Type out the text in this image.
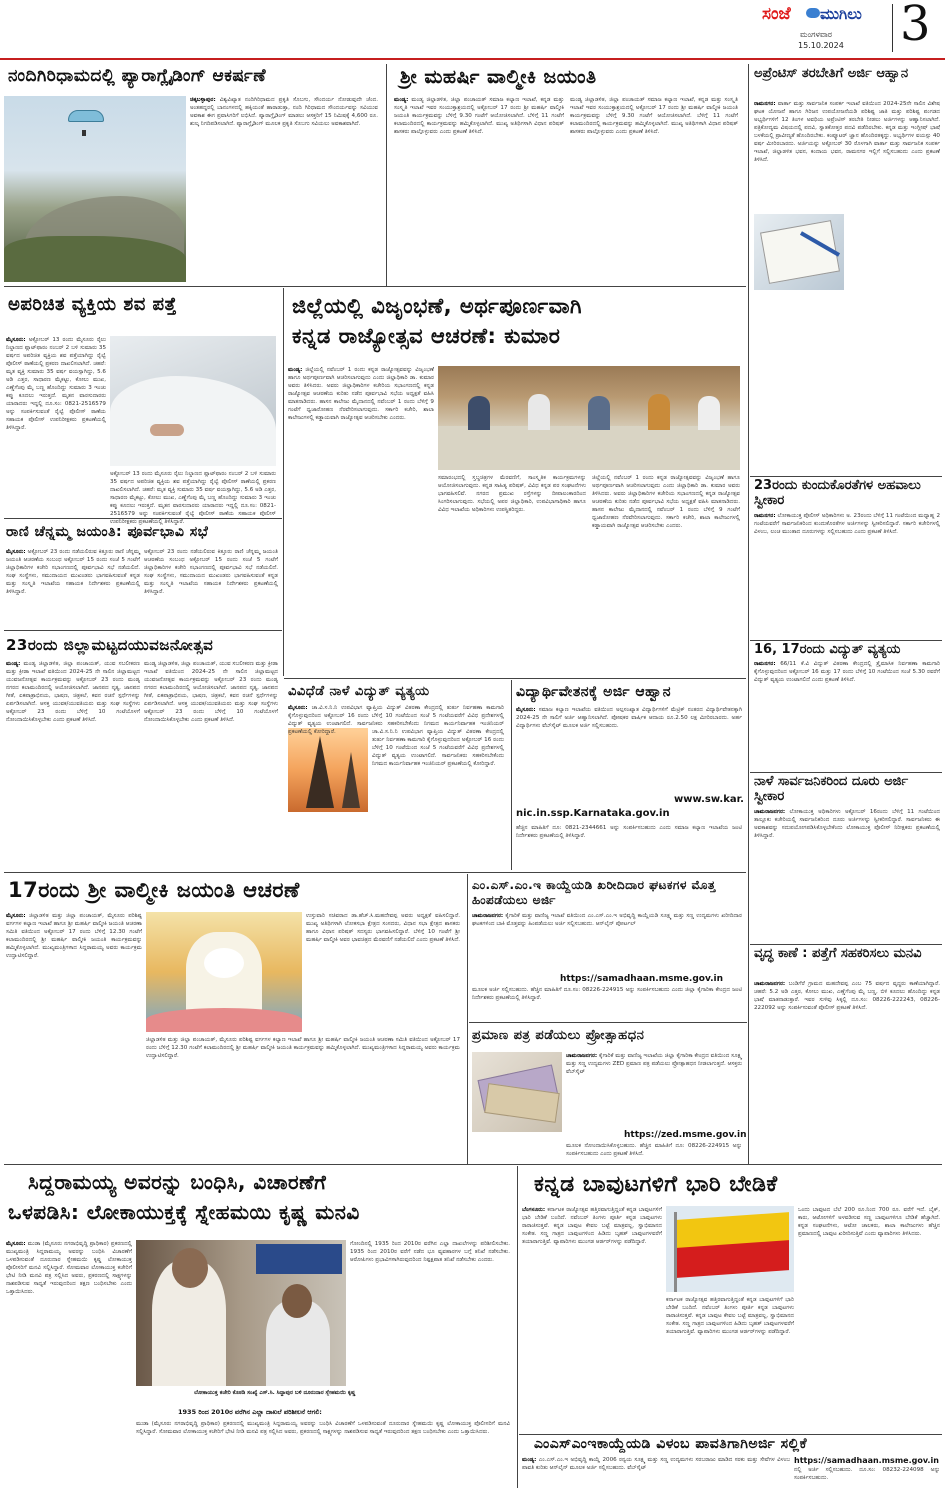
ಸಂಜೆ ಮುಗಿಲು
ಮಂಗಳವಾರ
15.10.2024 3
ನಂದಿಗಿರಿಧಾಮದಲ್ಲಿ ಪ್ಯಾರಾಗ್ಲೈಡಿಂಗ್ ಆಕರ್ಷಣೆ
ಚಿಕ್ಕಬಳ್ಳಾಪುರ: ವಿಶ್ವವಿಖ್ಯಾತ ನಂದಿಗಿರಿಧಾಮದ ಪ್ರಕೃತಿ ಸೊಬಗು, ಸೌಂದರ್ಯ ನೋಡುವುದೇ ಚೆಂದ. ಅಂತಹದ್ದರಲ್ಲಿ ಬಾನಂಗಳದಲ್ಲಿ ಹಕ್ಕಿಯಂತೆ ಹಾರಾಡುತ್ತಾ, ನಂದಿ ಗಿರಿಧಾಮದ ಸೌಂದರ್ಯವನ್ನು ಸವಿಯುವ ಅವಕಾಶ ಈಗ ಪ್ರವಾಸಿಗರಿಗೆ ಲಭಿಸಿದೆ. ಪ್ಯಾರಾಗ್ಲೈಡಿಂಗ್ ಮಾಡಲು ಆಸಕ್ತರಿಗೆ 15 ನಿಮಿಷಕ್ಕೆ 4,600 ರೂ. ಶುಲ್ಕ ನಿಗದಿಪಡಿಸಲಾಗಿದೆ. ಪ್ಯಾರಾಗ್ಲೈಡಿಂಗ್ ಮೂಲಕ ಪ್ರಕೃತಿ ಸೊಬಗು ಸವಿಯಲು ಅವಕಾಶವಾಗಿದೆ.
ಶ್ರೀ ಮಹರ್ಷಿ ವಾಲ್ಮೀಕಿ ಜಯಂತಿ
ಮಂಡ್ಯ: ಮಂಡ್ಯ ಜಿಲ್ಲಾಡಳಿತ, ಜಿಲ್ಲಾ ಪಂಚಾಯತ್ ಸಮಾಜ ಕಲ್ಯಾಣ ಇಲಾಖೆ, ಕನ್ನಡ ಮತ್ತು ಸಂಸ್ಕೃತಿ ಇಲಾಖೆ ಇವರ ಸಂಯುಕ್ತಾಶ್ರಯದಲ್ಲಿ ಅಕ್ಟೋಬರ್ 17 ರಂದು ಶ್ರೀ ಮಹರ್ಷಿ ವಾಲ್ಮೀಕಿ ಜಯಂತಿ ಕಾರ್ಯಕ್ರಮವನ್ನು ಬೆಳಿಗ್ಗೆ 9.30 ಗಂಟೆಗೆ ಆಯೋಜಿಸಲಾಗಿದೆ. ಬೆಳಿಗ್ಗೆ 11 ಗಂಟೆಗೆ ಕಲಾಮಂದಿರದಲ್ಲಿ ಕಾರ್ಯಕ್ರಮವನ್ನು ಹಮ್ಮಿಕೊಳ್ಳಲಾಗಿದೆ. ಮುಖ್ಯ ಅತಿಥಿಗಳಾಗಿ ವಿಧಾನ ಪರಿಷತ್ ಶಾಸಕರು ಪಾಲ್ಗೊಳ್ಳುವರು ಎಂದು ಪ್ರಕಟಣೆ ತಿಳಿಸಿದೆ.
ಮಂಡ್ಯ ಜಿಲ್ಲಾಡಳಿತ, ಜಿಲ್ಲಾ ಪಂಚಾಯತ್ ಸಮಾಜ ಕಲ್ಯಾಣ ಇಲಾಖೆ, ಕನ್ನಡ ಮತ್ತು ಸಂಸ್ಕೃತಿ ಇಲಾಖೆ ಇವರ ಸಂಯುಕ್ತಾಶ್ರಯದಲ್ಲಿ ಅಕ್ಟೋಬರ್ 17 ರಂದು ಶ್ರೀ ಮಹರ್ಷಿ ವಾಲ್ಮೀಕಿ ಜಯಂತಿ ಕಾರ್ಯಕ್ರಮವನ್ನು ಬೆಳಿಗ್ಗೆ 9.30 ಗಂಟೆಗೆ ಆಯೋಜಿಸಲಾಗಿದೆ. ಬೆಳಿಗ್ಗೆ 11 ಗಂಟೆಗೆ ಕಲಾಮಂದಿರದಲ್ಲಿ ಕಾರ್ಯಕ್ರಮವನ್ನು ಹಮ್ಮಿಕೊಳ್ಳಲಾಗಿದೆ. ಮುಖ್ಯ ಅತಿಥಿಗಳಾಗಿ ವಿಧಾನ ಪರಿಷತ್ ಶಾಸಕರು ಪಾಲ್ಗೊಳ್ಳುವರು ಎಂದು ಪ್ರಕಟಣೆ ತಿಳಿಸಿದೆ.
ಅಪ್ರೆಂಟಿಸ್ ತರಬೇತಿಗೆ ಅರ್ಜಿ ಆಹ್ವಾನ
ರಾಮನಗರ: ವಾರ್ತಾ ಮತ್ತು ಸಾರ್ವಜನಿಕ ಸಂಪರ್ಕ ಇಲಾಖೆ ವತಿಯಿಂದ 2024-25ನೇ ಸಾಲಿನ ವಿಶೇಷ ಘಟಕ ಯೋಜನೆ ಹಾಗೂ ಗಿರಿಜನ ಉಪಯೋಜನೆಯಡಿ ಪರಿಶಿಷ್ಟ ಜಾತಿ ಮತ್ತು ಪರಿಶಿಷ್ಟ ಪಂಗಡದ ಅಭ್ಯರ್ಥಿಗಳಿಗೆ 12 ತಿಂಗಳ ಅವಧಿಯ ಅಪ್ರೆಂಟಿಸ್ ತರಬೇತಿ ನೀಡಲು ಅರ್ಜಿಗಳನ್ನು ಆಹ್ವಾನಿಸಲಾಗಿದೆ. ಪತ್ರಿಕೋದ್ಯಮ ವಿಷಯದಲ್ಲಿ ಪದವಿ, ಸ್ನಾತಕೋತ್ತರ ಪದವಿ ಪಡೆದಿರಬೇಕು. ಕನ್ನಡ ಮತ್ತು ಇಂಗ್ಲೀಷ್ ಭಾಷೆ ಬಳಕೆಯಲ್ಲಿ ಪ್ರಾವೀಣ್ಯತೆ ಹೊಂದಿರಬೇಕು. ಕಂಪ್ಯೂಟರ್ ಜ್ಞಾನ ಹೊಂದಿರತಕ್ಕದ್ದು. ಅಭ್ಯರ್ಥಿಗಳ ವಯಸ್ಸು 40 ವರ್ಷ ಮೀರಿರಬಾರದು. ಅರ್ಜಿಯನ್ನು ಅಕ್ಟೋಬರ್ 30 ರೊಳಗಾಗಿ ವಾರ್ತಾ ಮತ್ತು ಸಾರ್ವಜನಿಕ ಸಂಪರ್ಕ ಇಲಾಖೆ, ಜಿಲ್ಲಾಡಳಿತ ಭವನ, ಕಂದಾಯ ಭವನ, ರಾಮನಗರ ಇಲ್ಲಿಗೆ ಸಲ್ಲಿಸಬಹುದು ಎಂದು ಪ್ರಕಟಣೆ ತಿಳಿಸಿದೆ.
ಅಪರಿಚಿತ ವ್ಯಕ್ತಿಯ ಶವ ಪತ್ತೆ
ಮೈಸೂರು: ಅಕ್ಟೋಬರ್ 13 ರಂದು ಮೈಸೂರು ರೈಲು ನಿಲ್ದಾಣದ ಪ್ಲಾಟ್‌ಫಾರಂ ನಂಬರ್ 2 ಬಳಿ ಸುಮಾರು 35 ವರ್ಷದ ಅಪರಿಚಿತ ವ್ಯಕ್ತಿಯ ಶವ ಪತ್ತೆಯಾಗಿದ್ದು ರೈಲ್ವೆ ಪೊಲೀಸ್ ಠಾಣೆಯಲ್ಲಿ ಪ್ರಕರಣ ದಾಖಲಿಸಲಾಗಿದೆ. ಚಹರೆ: ಮೃತ ವ್ಯಕ್ತಿ ಸುಮಾರು 35 ವರ್ಷ ವಯಸ್ಸಾಗಿದ್ದು, 5.6 ಅಡಿ ಎತ್ತರ, ಸಾಧಾರಣ ಮೈಕಟ್ಟು, ಕೋಲು ಮುಖ, ಎಣ್ಣೆಗೆಂಪು ಮೈ ಬಣ್ಣ ಹೊಂದಿದ್ದು ಸುಮಾರು 3 ಇಂಚು ಕಪ್ಪು ಕೂದಲು ಇರುತ್ತದೆ. ಮೃತನ ವಾರಸುದಾರರು ಯಾರಾದರು ಇದ್ದಲ್ಲಿ ದೂ.ಸಂ: 0821-2516579 ಅನ್ನು ಸಂಪರ್ಕಿಸುವಂತೆ ರೈಲ್ವೆ ಪೊಲೀಸ್ ಠಾಣೆಯ ಸಹಾಯಕ ಪೊಲೀಸ್ ಉಪನಿರೀಕ್ಷಕರು ಪ್ರಕಟಣೆಯಲ್ಲಿ ತಿಳಿಸಿದ್ದಾರೆ.
ಅಕ್ಟೋಬರ್ 13 ರಂದು ಮೈಸೂರು ರೈಲು ನಿಲ್ದಾಣದ ಪ್ಲಾಟ್‌ಫಾರಂ ನಂಬರ್ 2 ಬಳಿ ಸುಮಾರು 35 ವರ್ಷದ ಅಪರಿಚಿತ ವ್ಯಕ್ತಿಯ ಶವ ಪತ್ತೆಯಾಗಿದ್ದು ರೈಲ್ವೆ ಪೊಲೀಸ್ ಠಾಣೆಯಲ್ಲಿ ಪ್ರಕರಣ ದಾಖಲಿಸಲಾಗಿದೆ. ಚಹರೆ: ಮೃತ ವ್ಯಕ್ತಿ ಸುಮಾರು 35 ವರ್ಷ ವಯಸ್ಸಾಗಿದ್ದು, 5.6 ಅಡಿ ಎತ್ತರ, ಸಾಧಾರಣ ಮೈಕಟ್ಟು, ಕೋಲು ಮುಖ, ಎಣ್ಣೆಗೆಂಪು ಮೈ ಬಣ್ಣ ಹೊಂದಿದ್ದು ಸುಮಾರು 3 ಇಂಚು ಕಪ್ಪು ಕೂದಲು ಇರುತ್ತದೆ. ಮೃತನ ವಾರಸುದಾರರು ಯಾರಾದರು ಇದ್ದಲ್ಲಿ ದೂ.ಸಂ: 0821-2516579 ಅನ್ನು ಸಂಪರ್ಕಿಸುವಂತೆ ರೈಲ್ವೆ ಪೊಲೀಸ್ ಠಾಣೆಯ ಸಹಾಯಕ ಪೊಲೀಸ್ ಉಪನಿರೀಕ್ಷಕರು ಪ್ರಕಟಣೆಯಲ್ಲಿ ತಿಳಿಸಿದ್ದಾರೆ.
ಜಿಲ್ಲೆಯಲ್ಲಿ ವಿಜೃಂಭಣೆ, ಅರ್ಥಪೂರ್ಣವಾಗಿ
ಕನ್ನಡ ರಾಜ್ಯೋತ್ಸವ ಆಚರಣೆ: ಕುಮಾರ
ಮಂಡ್ಯ: ಜಿಲ್ಲೆಯಲ್ಲಿ ನವೆಂಬರ್ 1 ರಂದು ಕನ್ನಡ ರಾಜ್ಯೋತ್ಸವವನ್ನು ವಿಜೃಂಭಣೆ ಹಾಗೂ ಅರ್ಥಪೂರ್ಣವಾಗಿ ಆಚರಿಸಲಾಗುವುದು ಎಂದು ಜಿಲ್ಲಾಧಿಕಾರಿ ಡಾ. ಕುಮಾರ ಅವರು ತಿಳಿಸಿದರು. ಅವರು ಜಿಲ್ಲಾಧಿಕಾರಿಗಳ ಕಚೇರಿಯ ಸಭಾಂಗಣದಲ್ಲಿ ಕನ್ನಡ ರಾಜ್ಯೋತ್ಸವ ಆಚರಣೆಯ ಕುರಿತು ನಡೆದ ಪೂರ್ವಭಾವಿ ಸಭೆಯ ಅಧ್ಯಕ್ಷತೆ ವಹಿಸಿ ಮಾತನಾಡಿದರು. ಹಾಸನ ಕಾಲೇಜು ಮೈದಾನದಲ್ಲಿ ನವೆಂಬರ್ 1 ರಂದು ಬೆಳಿಗ್ಗೆ 9 ಗಂಟೆಗೆ ಧ್ವಜಾರೋಹಣ ನೆರವೇರಿಸಲಾಗುವುದು. ಸರ್ಕಾರಿ ಕಚೇರಿ, ಶಾಲಾ ಕಾಲೇಜುಗಳಲ್ಲಿ ಕಡ್ಡಾಯವಾಗಿ ರಾಜ್ಯೋತ್ಸವ ಆಚರಿಸಬೇಕು ಎಂದರು.
ಸಮಾರಂಭದಲ್ಲಿ ಸ್ತಬ್ಧಚಿತ್ರಗಳ ಮೆರವಣಿಗೆ, ಸಾಂಸ್ಕೃತಿಕ ಕಾರ್ಯಕ್ರಮಗಳನ್ನು ಆಯೋಜಿಸಲಾಗುವುದು. ಕನ್ನಡ ಸಾಹಿತ್ಯ ಪರಿಷತ್, ವಿವಿಧ ಕನ್ನಡ ಪರ ಸಂಘಟನೆಗಳು ಭಾಗವಹಿಸಲಿವೆ. ನಗರದ ಪ್ರಮುಖ ರಸ್ತೆಗಳನ್ನು ದೀಪಾಲಂಕಾರದಿಂದ ಸಿಂಗರಿಸಲಾಗುವುದು. ಸಭೆಯಲ್ಲಿ ಅಪರ ಜಿಲ್ಲಾಧಿಕಾರಿ, ಉಪವಿಭಾಗಾಧಿಕಾರಿ ಹಾಗೂ ವಿವಿಧ ಇಲಾಖೆಯ ಅಧಿಕಾರಿಗಳು ಉಪಸ್ಥಿತರಿದ್ದರು.
ಜಿಲ್ಲೆಯಲ್ಲಿ ನವೆಂಬರ್ 1 ರಂದು ಕನ್ನಡ ರಾಜ್ಯೋತ್ಸವವನ್ನು ವಿಜೃಂಭಣೆ ಹಾಗೂ ಅರ್ಥಪೂರ್ಣವಾಗಿ ಆಚರಿಸಲಾಗುವುದು ಎಂದು ಜಿಲ್ಲಾಧಿಕಾರಿ ಡಾ. ಕುಮಾರ ಅವರು ತಿಳಿಸಿದರು. ಅವರು ಜಿಲ್ಲಾಧಿಕಾರಿಗಳ ಕಚೇರಿಯ ಸಭಾಂಗಣದಲ್ಲಿ ಕನ್ನಡ ರಾಜ್ಯೋತ್ಸವ ಆಚರಣೆಯ ಕುರಿತು ನಡೆದ ಪೂರ್ವಭಾವಿ ಸಭೆಯ ಅಧ್ಯಕ್ಷತೆ ವಹಿಸಿ ಮಾತನಾಡಿದರು. ಹಾಸನ ಕಾಲೇಜು ಮೈದಾನದಲ್ಲಿ ನವೆಂಬರ್ 1 ರಂದು ಬೆಳಿಗ್ಗೆ 9 ಗಂಟೆಗೆ ಧ್ವಜಾರೋಹಣ ನೆರವೇರಿಸಲಾಗುವುದು. ಸರ್ಕಾರಿ ಕಚೇರಿ, ಶಾಲಾ ಕಾಲೇಜುಗಳಲ್ಲಿ ಕಡ್ಡಾಯವಾಗಿ ರಾಜ್ಯೋತ್ಸವ ಆಚರಿಸಬೇಕು ಎಂದರು.
ರಾಣಿ ಚೆನ್ನಮ್ಮ ಜಯಂತಿ: ಪೂರ್ವಭಾವಿ ಸಭೆ
ಮೈಸೂರು: ಅಕ್ಟೋಬರ್ 23 ರಂದು ನಡೆಯಲಿರುವ ಕಿತ್ತೂರು ರಾಣಿ ಚೆನ್ನಮ್ಮ ಜಯಂತಿ ಆಚರಣೆಯ ಸಂಬಂಧ ಅಕ್ಟೋಬರ್ 15 ರಂದು ಸಂಜೆ 5 ಗಂಟೆಗೆ ಜಿಲ್ಲಾಧಿಕಾರಿಗಳ ಕಚೇರಿ ಸಭಾಂಗಣದಲ್ಲಿ ಪೂರ್ವಭಾವಿ ಸಭೆ ನಡೆಯಲಿದೆ. ಸಂಘ ಸಂಸ್ಥೆಗಳು, ಸಮುದಾಯದ ಮುಖಂಡರು ಭಾಗವಹಿಸುವಂತೆ ಕನ್ನಡ ಮತ್ತು ಸಂಸ್ಕೃತಿ ಇಲಾಖೆಯ ಸಹಾಯಕ ನಿರ್ದೇಶಕರು ಪ್ರಕಟಣೆಯಲ್ಲಿ ತಿಳಿಸಿದ್ದಾರೆ.
ಅಕ್ಟೋಬರ್ 23 ರಂದು ನಡೆಯಲಿರುವ ಕಿತ್ತೂರು ರಾಣಿ ಚೆನ್ನಮ್ಮ ಜಯಂತಿ ಆಚರಣೆಯ ಸಂಬಂಧ ಅಕ್ಟೋಬರ್ 15 ರಂದು ಸಂಜೆ 5 ಗಂಟೆಗೆ ಜಿಲ್ಲಾಧಿಕಾರಿಗಳ ಕಚೇರಿ ಸಭಾಂಗಣದಲ್ಲಿ ಪೂರ್ವಭಾವಿ ಸಭೆ ನಡೆಯಲಿದೆ. ಸಂಘ ಸಂಸ್ಥೆಗಳು, ಸಮುದಾಯದ ಮುಖಂಡರು ಭಾಗವಹಿಸುವಂತೆ ಕನ್ನಡ ಮತ್ತು ಸಂಸ್ಕೃತಿ ಇಲಾಖೆಯ ಸಹಾಯಕ ನಿರ್ದೇಶಕರು ಪ್ರಕಟಣೆಯಲ್ಲಿ ತಿಳಿಸಿದ್ದಾರೆ.
23ರಂದು ಜಿಲ್ಲಾಮಟ್ಟದಯುವಜನೋತ್ಸವ
ಮಂಡ್ಯ: ಮಂಡ್ಯ ಜಿಲ್ಲಾಡಳಿತ, ಜಿಲ್ಲಾ ಪಂಚಾಯತ್, ಯುವ ಸಬಲೀಕರಣ ಮತ್ತು ಕ್ರೀಡಾ ಇಲಾಖೆ ವತಿಯಿಂದ 2024-25 ನೇ ಸಾಲಿನ ಜಿಲ್ಲಾಮಟ್ಟದ ಯುವಜನೋತ್ಸವ ಕಾರ್ಯಕ್ರಮವನ್ನು ಅಕ್ಟೋಬರ್ 23 ರಂದು ಮಂಡ್ಯ ನಗರದ ಕಲಾಮಂದಿರದಲ್ಲಿ ಆಯೋಜಿಸಲಾಗಿದೆ. ಜಾನಪದ ನೃತ್ಯ, ಜಾನಪದ ಗೀತೆ, ಏಕಪಾತ್ರಾಭಿನಯ, ಭಾಷಣ, ಚಿತ್ರಕಲೆ, ಕವನ ರಚನೆ ಸ್ಪರ್ಧೆಗಳನ್ನು ಏರ್ಪಡಿಸಲಾಗಿದೆ. ಆಸಕ್ತ ಯುವಕ/ಯುವತಿಯರು ಮತ್ತು ಸಂಘ ಸಂಸ್ಥೆಗಳು ಅಕ್ಟೋಬರ್ 23 ರಂದು ಬೆಳಿಗ್ಗೆ 10 ಗಂಟೆಯೊಳಗೆ ನೋಂದಾಯಿಸಿಕೊಳ್ಳಬೇಕು ಎಂದು ಪ್ರಕಟಣೆ ತಿಳಿಸಿದೆ.
ಮಂಡ್ಯ ಜಿಲ್ಲಾಡಳಿತ, ಜಿಲ್ಲಾ ಪಂಚಾಯತ್, ಯುವ ಸಬಲೀಕರಣ ಮತ್ತು ಕ್ರೀಡಾ ಇಲಾಖೆ ವತಿಯಿಂದ 2024-25 ನೇ ಸಾಲಿನ ಜಿಲ್ಲಾಮಟ್ಟದ ಯುವಜನೋತ್ಸವ ಕಾರ್ಯಕ್ರಮವನ್ನು ಅಕ್ಟೋಬರ್ 23 ರಂದು ಮಂಡ್ಯ ನಗರದ ಕಲಾಮಂದಿರದಲ್ಲಿ ಆಯೋಜಿಸಲಾಗಿದೆ. ಜಾನಪದ ನೃತ್ಯ, ಜಾನಪದ ಗೀತೆ, ಏಕಪಾತ್ರಾಭಿನಯ, ಭಾಷಣ, ಚಿತ್ರಕಲೆ, ಕವನ ರಚನೆ ಸ್ಪರ್ಧೆಗಳನ್ನು ಏರ್ಪಡಿಸಲಾಗಿದೆ. ಆಸಕ್ತ ಯುವಕ/ಯುವತಿಯರು ಮತ್ತು ಸಂಘ ಸಂಸ್ಥೆಗಳು ಅಕ್ಟೋಬರ್ 23 ರಂದು ಬೆಳಿಗ್ಗೆ 10 ಗಂಟೆಯೊಳಗೆ ನೋಂದಾಯಿಸಿಕೊಳ್ಳಬೇಕು ಎಂದು ಪ್ರಕಟಣೆ ತಿಳಿಸಿದೆ.
ವಿವಿಧೆಡೆ ನಾಳೆ ವಿದ್ಯುತ್ ವ್ಯತ್ಯಯ
ಮೈಸೂರು: ಚಾ.ವಿ.ಸ.ನಿ.ನಿ ಉಪವಿಭಾಗ ವ್ಯಾಪ್ತಿಯ ವಿದ್ಯುತ್ ವಿತರಣಾ ಕೇಂದ್ರದಲ್ಲಿ ತುರ್ತು ನಿರ್ವಹಣಾ ಕಾಮಗಾರಿ ಕೈಗೊಳ್ಳುವುದರಿಂದ ಅಕ್ಟೋಬರ್ 16 ರಂದು ಬೆಳಿಗ್ಗೆ 10 ಗಂಟೆಯಿಂದ ಸಂಜೆ 5 ಗಂಟೆಯವರೆಗೆ ವಿವಿಧ ಪ್ರದೇಶಗಳಲ್ಲಿ ವಿದ್ಯುತ್ ವ್ಯತ್ಯಯ ಉಂಟಾಗಲಿದೆ. ಸಾರ್ವಜನಿಕರು ಸಹಕರಿಸಬೇಕೆಂದು ನಿಗಮದ ಕಾರ್ಯನಿರ್ವಾಹಕ ಇಂಜಿನಿಯರ್ ಪ್ರಕಟಣೆಯಲ್ಲಿ ಕೋರಿದ್ದಾರೆ.	ಚಾ.ವಿ.ಸ.ನಿ.ನಿ ಉಪವಿಭಾಗ ವ್ಯಾಪ್ತಿಯ ವಿದ್ಯುತ್ ವಿತರಣಾ ಕೇಂದ್ರದಲ್ಲಿ ತುರ್ತು ನಿರ್ವಹಣಾ ಕಾಮಗಾರಿ ಕೈಗೊಳ್ಳುವುದರಿಂದ ಅಕ್ಟೋಬರ್ 16 ರಂದು ಬೆಳಿಗ್ಗೆ 10 ಗಂಟೆಯಿಂದ ಸಂಜೆ 5 ಗಂಟೆಯವರೆಗೆ ವಿವಿಧ ಪ್ರದೇಶಗಳಲ್ಲಿ ವಿದ್ಯುತ್ ವ್ಯತ್ಯಯ ಉಂಟಾಗಲಿದೆ. ಸಾರ್ವಜನಿಕರು ಸಹಕರಿಸಬೇಕೆಂದು ನಿಗಮದ ಕಾರ್ಯನಿರ್ವಾಹಕ ಇಂಜಿನಿಯರ್ ಪ್ರಕಟಣೆಯಲ್ಲಿ ಕೋರಿದ್ದಾರೆ.
ವಿದ್ಯಾರ್ಥಿವೇತನಕ್ಕೆ ಅರ್ಜಿ ಆಹ್ವಾನ
ಮೈಸೂರು: ಸಮಾಜ ಕಲ್ಯಾಣ ಇಲಾಖೆಯ ವತಿಯಿಂದ ಅಲ್ಪಸಂಖ್ಯಾತ ವಿದ್ಯಾರ್ಥಿಗಳಿಗೆ ಮೆಟ್ರಿಕ್ ನಂತರದ ವಿದ್ಯಾರ್ಥಿವೇತನಕ್ಕಾಗಿ 2024-25 ನೇ ಸಾಲಿಗೆ ಅರ್ಜಿ ಆಹ್ವಾನಿಸಲಾಗಿದೆ. ಪೋಷಕರ ವಾರ್ಷಿಕ ಆದಾಯ ರೂ.2.50 ಲಕ್ಷ ಮೀರಿರಬಾರದು. ಅರ್ಹ ವಿದ್ಯಾರ್ಥಿಗಳು ವೆಬ್‌ಸೈಟ್ ಮೂಲಕ ಅರ್ಜಿ ಸಲ್ಲಿಸಬಹುದು.
www.sw.kar.
nic.in.ssp.Karnataka.gov.in
ಹೆಚ್ಚಿನ ಮಾಹಿತಿಗೆ ದೂ: 0821-2344661 ಅನ್ನು ಸಂಪರ್ಕಿಸಬಹುದು ಎಂದು ಸಮಾಜ ಕಲ್ಯಾಣ ಇಲಾಖೆಯ ಜಂಟಿ ನಿರ್ದೇಶಕರು ಪ್ರಕಟಣೆಯಲ್ಲಿ ತಿಳಿಸಿದ್ದಾರೆ.
23ರಂದು ಕುಂದುಕೊರತೆಗಳ ಅಹವಾಲು ಸ್ವೀಕಾರ
ರಾಮನಗರ: ಲೋಕಾಯುಕ್ತ ಪೊಲೀಸ್ ಅಧಿಕಾರಿಗಳು ಅ. 23ರಂದು ಬೆಳಿಗ್ಗೆ 11 ಗಂಟೆಯಿಂದ ಮಧ್ಯಾಹ್ನ 2 ಗಂಟೆಯವರೆಗೆ ಸಾರ್ವಜನಿಕರಿಂದ ಕುಂದುಕೊರತೆಗಳ ಅರ್ಜಿಗಳನ್ನು ಸ್ವೀಕರಿಸಲಿದ್ದಾರೆ. ಸರ್ಕಾರಿ ಕಚೇರಿಗಳಲ್ಲಿ ವಿಳಂಬ, ಲಂಚ ಮುಂತಾದ ದೂರುಗಳನ್ನು ಸಲ್ಲಿಸಬಹುದು ಎಂದು ಪ್ರಕಟಣೆ ತಿಳಿಸಿದೆ.
16, 17ರಂದು ವಿದ್ಯುತ್ ವ್ಯತ್ಯಯ
ರಾಮನಗರ: 66/11 ಕೆ.ವಿ ವಿದ್ಯುತ್ ವಿತರಣಾ ಕೇಂದ್ರದಲ್ಲಿ ತ್ರೈಮಾಸಿಕ ನಿರ್ವಹಣಾ ಕಾಮಗಾರಿ ಕೈಗೊಳ್ಳುವುದರಿಂದ ಅಕ್ಟೋಬರ್ 16 ಮತ್ತು 17 ರಂದು ಬೆಳಿಗ್ಗೆ 10 ಗಂಟೆಯಿಂದ ಸಂಜೆ 5.30 ರವರೆಗೆ ವಿದ್ಯುತ್ ವ್ಯತ್ಯಯ ಉಂಟಾಗಲಿದೆ ಎಂದು ಪ್ರಕಟಣೆ ತಿಳಿಸಿದೆ.
ನಾಳೆ ಸಾರ್ವಜನಿಕರಿಂದ ದೂರು ಅರ್ಜಿ ಸ್ವೀಕಾರ
ಚಾಮರಾಜನಗರ: ಲೋಕಾಯುಕ್ತ ಅಧಿಕಾರಿಗಳು ಅಕ್ಟೋಬರ್ 16ರಂದು ಬೆಳಿಗ್ಗೆ 11 ಗಂಟೆಯಿಂದ ತಾಲ್ಲೂಕು ಕಚೇರಿಯಲ್ಲಿ ಸಾರ್ವಜನಿಕರಿಂದ ದೂರು ಅರ್ಜಿಗಳನ್ನು ಸ್ವೀಕರಿಸಲಿದ್ದಾರೆ. ಸಾರ್ವಜನಿಕರು ಈ ಅವಕಾಶವನ್ನು ಸದುಪಯೋಗಪಡಿಸಿಕೊಳ್ಳಬೇಕೆಂದು ಲೋಕಾಯುಕ್ತ ಪೊಲೀಸ್ ನಿರೀಕ್ಷಕರು ಪ್ರಕಟಣೆಯಲ್ಲಿ ತಿಳಿಸಿದ್ದಾರೆ.
ವೃದ್ಧ ಕಾಣೆ : ಪತ್ತೆಗೆ ಸಹಕರಿಸಲು ಮನವಿ
ಚಾಮರಾಜನಗರ: ಬಂಡಿಗೆರೆ ಗ್ರಾಮದ ಮಹದೇವಪ್ಪ ಎಂಬ 75 ವರ್ಷದ ವೃದ್ಧರು ಕಾಣೆಯಾಗಿದ್ದಾರೆ. ಚಹರೆ: 5.2 ಅಡಿ ಎತ್ತರ, ಕೋಲು ಮುಖ, ಎಣ್ಣೆಗೆಂಪು ಮೈ ಬಣ್ಣ, ಬಿಳಿ ಕೂದಲು ಹೊಂದಿದ್ದು ಕನ್ನಡ ಭಾಷೆ ಮಾತನಾಡುತ್ತಾರೆ. ಇವರ ಸುಳಿವು ಸಿಕ್ಕಲ್ಲಿ ದೂ.ಸಂ: 08226-222243, 08226-222092 ಅನ್ನು ಸಂಪರ್ಕಿಸುವಂತೆ ಪೊಲೀಸ್ ಪ್ರಕಟಣೆ ತಿಳಿಸಿದೆ.
17ರಂದು ಶ್ರೀ ವಾಲ್ಮೀಕಿ ಜಯಂತಿ ಆಚರಣೆ
ಮೈಸೂರು: ಜಿಲ್ಲಾಡಳಿತ ಮತ್ತು ಜಿಲ್ಲಾ ಪಂಚಾಯತ್, ಮೈಸೂರು ಪರಿಶಿಷ್ಟ ವರ್ಗಗಳ ಕಲ್ಯಾಣ ಇಲಾಖೆ ಹಾಗೂ ಶ್ರೀ ಮಹರ್ಷಿ ವಾಲ್ಮೀಕಿ ಜಯಂತಿ ಆಚರಣಾ ಸಮಿತಿ ವತಿಯಿಂದ ಅಕ್ಟೋಬರ್ 17 ರಂದು ಬೆಳಿಗ್ಗೆ 12.30 ಗಂಟೆಗೆ ಕಲಾಮಂದಿರದಲ್ಲಿ ಶ್ರೀ ಮಹರ್ಷಿ ವಾಲ್ಮೀಕಿ ಜಯಂತಿ ಕಾರ್ಯಕ್ರಮವನ್ನು ಹಮ್ಮಿಕೊಳ್ಳಲಾಗಿದೆ. ಮುಖ್ಯಮಂತ್ರಿಗಳಾದ ಸಿದ್ದರಾಮಯ್ಯ ಅವರು ಕಾರ್ಯಕ್ರಮ ಉದ್ಘಾಟಿಸಲಿದ್ದಾರೆ.
ಉಸ್ತುವಾರಿ ಸಚಿವರಾದ ಡಾ.ಹೆಚ್.ಸಿ.ಮಹದೇವಪ್ಪ ಅವರು ಅಧ್ಯಕ್ಷತೆ ವಹಿಸಲಿದ್ದಾರೆ. ಮುಖ್ಯ ಅತಿಥಿಗಳಾಗಿ ಲೋಕಸಭಾ ಕ್ಷೇತ್ರದ ಸಂಸದರು, ವಿಧಾನ ಸಭಾ ಕ್ಷೇತ್ರದ ಶಾಸಕರು ಹಾಗೂ ವಿಧಾನ ಪರಿಷತ್ ಸದಸ್ಯರು ಭಾಗವಹಿಸಲಿದ್ದಾರೆ. ಬೆಳಿಗ್ಗೆ 10 ಗಂಟೆಗೆ ಶ್ರೀ ಮಹರ್ಷಿ ವಾಲ್ಮೀಕಿ ಅವರ ಭಾವಚಿತ್ರದ ಮೆರವಣಿಗೆ ನಡೆಯಲಿದೆ ಎಂದು ಪ್ರಕಟಣೆ ತಿಳಿಸಿದೆ.
ಜಿಲ್ಲಾಡಳಿತ ಮತ್ತು ಜಿಲ್ಲಾ ಪಂಚಾಯತ್, ಮೈಸೂರು ಪರಿಶಿಷ್ಟ ವರ್ಗಗಳ ಕಲ್ಯಾಣ ಇಲಾಖೆ ಹಾಗೂ ಶ್ರೀ ಮಹರ್ಷಿ ವಾಲ್ಮೀಕಿ ಜಯಂತಿ ಆಚರಣಾ ಸಮಿತಿ ವತಿಯಿಂದ ಅಕ್ಟೋಬರ್ 17 ರಂದು ಬೆಳಿಗ್ಗೆ 12.30 ಗಂಟೆಗೆ ಕಲಾಮಂದಿರದಲ್ಲಿ ಶ್ರೀ ಮಹರ್ಷಿ ವಾಲ್ಮೀಕಿ ಜಯಂತಿ ಕಾರ್ಯಕ್ರಮವನ್ನು ಹಮ್ಮಿಕೊಳ್ಳಲಾಗಿದೆ. ಮುಖ್ಯಮಂತ್ರಿಗಳಾದ ಸಿದ್ದರಾಮಯ್ಯ ಅವರು ಕಾರ್ಯಕ್ರಮ ಉದ್ಘಾಟಿಸಲಿದ್ದಾರೆ.
ಎಂ.ಎಸ್.ಎಂ.ಇ ಕಾಯ್ದೆಯಡಿ ಖರೀದಿದಾರ ಘಟಕಗಳ ಮೊತ್ತ ಹಿಂಪಡೆಯಲು ಅರ್ಜಿ
ಚಾಮರಾಜನಗರ: ಕೈಗಾರಿಕೆ ಮತ್ತು ವಾಣಿಜ್ಯ ಇಲಾಖೆ ವತಿಯಿಂದ ಎಂ.ಎಸ್.ಎಂ.ಇ ಅಭಿವೃದ್ಧಿ ಕಾಯ್ದೆಯಡಿ ಸೂಕ್ಷ್ಮ ಮತ್ತು ಸಣ್ಣ ಉದ್ಯಮಗಳು ಖರೀದಿದಾರ ಘಟಕಗಳಿಂದ ಬಾಕಿ ಮೊತ್ತವನ್ನು ಹಿಂಪಡೆಯಲು ಅರ್ಜಿ ಸಲ್ಲಿಸಬಹುದು. ಆನ್‌ಲೈನ್ ಪೋರ್ಟಲ್
https://samadhaan.msme.gov.in
ಮೂಲಕ ಅರ್ಜಿ ಸಲ್ಲಿಸಬಹುದು. ಹೆಚ್ಚಿನ ಮಾಹಿತಿಗೆ ದೂ.ಸಂ: 08226-224915 ಅನ್ನು ಸಂಪರ್ಕಿಸಬಹುದು ಎಂದು ಜಿಲ್ಲಾ ಕೈಗಾರಿಕಾ ಕೇಂದ್ರದ ಜಂಟಿ ನಿರ್ದೇಶಕರು ಪ್ರಕಟಣೆಯಲ್ಲಿ ತಿಳಿಸಿದ್ದಾರೆ.
ಪ್ರಮಾಣ ಪತ್ರ ಪಡೆಯಲು ಪ್ರೋತ್ಸಾಹಧನ
ಚಾಮರಾಜನಗರ: ಕೈಗಾರಿಕೆ ಮತ್ತು ವಾಣಿಜ್ಯ ಇಲಾಖೆಯ ಜಿಲ್ಲಾ ಕೈಗಾರಿಕಾ ಕೇಂದ್ರದ ವತಿಯಿಂದ ಸೂಕ್ಷ್ಮ ಮತ್ತು ಸಣ್ಣ ಉದ್ಯಮಗಳು ZED ಪ್ರಮಾಣ ಪತ್ರ ಪಡೆಯಲು ಪ್ರೋತ್ಸಾಹಧನ ನೀಡಲಾಗುತ್ತದೆ. ಆಸಕ್ತರು ವೆಬ್‌ಸೈಟ್
https://zed.msme.gov.in
ಮೂಲಕ ನೋಂದಾಯಿಸಿಕೊಳ್ಳಬಹುದು. ಹೆಚ್ಚಿನ ಮಾಹಿತಿಗೆ ದೂ: 08226-224915 ಅನ್ನು ಸಂಪರ್ಕಿಸಬಹುದು ಎಂದು ಪ್ರಕಟಣೆ ತಿಳಿಸಿದೆ.
ಸಿದ್ದರಾಮಯ್ಯ ಅವರನ್ನು ಬಂಧಿಸಿ, ವಿಚಾರಣೆಗೆ
ಒಳಪಡಿಸಿ: ಲೋಕಾಯುಕ್ತಕ್ಕೆ ಸ್ನೇಹಮಯಿ ಕೃಷ್ಣ ಮನವಿ
ಮೈಸೂರು: ಮುಡಾ (ಮೈಸೂರು ನಗರಾಭಿವೃದ್ಧಿ ಪ್ರಾಧಿಕಾರ) ಪ್ರಕರಣದಲ್ಲಿ ಮುಖ್ಯಮಂತ್ರಿ ಸಿದ್ದರಾಮಯ್ಯ ಅವರನ್ನು ಬಂಧಿಸಿ ವಿಚಾರಣೆಗೆ ಒಳಪಡಿಸುವಂತೆ ದೂರುದಾರ ಸ್ನೇಹಮಯಿ ಕೃಷ್ಣ ಲೋಕಾಯುಕ್ತ ಪೊಲೀಸರಿಗೆ ಮನವಿ ಸಲ್ಲಿಸಿದ್ದಾರೆ. ಸೋಮವಾರ ಲೋಕಾಯುಕ್ತ ಕಚೇರಿಗೆ ಭೇಟಿ ನೀಡಿ ಮನವಿ ಪತ್ರ ಸಲ್ಲಿಸಿದ ಅವರು, ಪ್ರಕರಣದಲ್ಲಿ ಸಾಕ್ಷ್ಯಗಳನ್ನು ನಾಶಪಡಿಸುವ ಸಾಧ್ಯತೆ ಇರುವುದರಿಂದ ತಕ್ಷಣ ಬಂಧಿಸಬೇಕು ಎಂದು ಒತ್ತಾಯಿಸಿದರು.
ಗೋಂದಿನಲ್ಲಿ 1935 ರಿಂದ 2010ರ ವರೆಗಿನ ಎಲ್ಲಾ ದಾಖಲೆಗಳನ್ನು ಪರಿಶೀಲಿಸಬೇಕು. 1935 ರಿಂದ 2010ರ ವರೆಗೆ ನಡೆದ ಭೂ ವ್ಯವಹಾರಗಳ ಬಗ್ಗೆ ತನಿಖೆ ನಡೆಸಬೇಕು. ಆರೋಪಿಗಳು ಪ್ರಭಾವಿಗಳಾಗಿರುವುದರಿಂದ ನಿಷ್ಪಕ್ಷಪಾತ ತನಿಖೆ ನಡೆಸಬೇಕು ಎಂದರು.
ಲೋಕಾಯುಕ್ತ ಕಚೇರಿ ಕೊಠಡಿ ಸಂಖ್ಯೆ ಎಸ್.ಸಿ. ಸಿದ್ದಾಪುರ ಬಳಿ ದೂರುದಾರ ಸ್ನೇಹಮಯಿ ಕೃಷ್ಣ
1935 ರಿಂದ 2010ರ ವರೆಗಿನ ಎಲ್ಲಾ ದಾಖಲೆ ಪರಿಶೀಲನೆ ಆಗಲಿ:
ಮುಡಾ (ಮೈಸೂರು ನಗರಾಭಿವೃದ್ಧಿ ಪ್ರಾಧಿಕಾರ) ಪ್ರಕರಣದಲ್ಲಿ ಮುಖ್ಯಮಂತ್ರಿ ಸಿದ್ದರಾಮಯ್ಯ ಅವರನ್ನು ಬಂಧಿಸಿ ವಿಚಾರಣೆಗೆ ಒಳಪಡಿಸುವಂತೆ ದೂರುದಾರ ಸ್ನೇಹಮಯಿ ಕೃಷ್ಣ ಲೋಕಾಯುಕ್ತ ಪೊಲೀಸರಿಗೆ ಮನವಿ ಸಲ್ಲಿಸಿದ್ದಾರೆ. ಸೋಮವಾರ ಲೋಕಾಯುಕ್ತ ಕಚೇರಿಗೆ ಭೇಟಿ ನೀಡಿ ಮನವಿ ಪತ್ರ ಸಲ್ಲಿಸಿದ ಅವರು, ಪ್ರಕರಣದಲ್ಲಿ ಸಾಕ್ಷ್ಯಗಳನ್ನು ನಾಶಪಡಿಸುವ ಸಾಧ್ಯತೆ ಇರುವುದರಿಂದ ತಕ್ಷಣ ಬಂಧಿಸಬೇಕು ಎಂದು ಒತ್ತಾಯಿಸಿದರು.
ಕನ್ನಡ ಬಾವುಟಗಳಿಗೆ ಭಾರಿ ಬೇಡಿಕೆ
ಬೆಂಗಳೂರು: ಕರ್ನಾಟಕ ರಾಜ್ಯೋತ್ಸವ ಹತ್ತಿರವಾಗುತ್ತಿದ್ದಂತೆ ಕನ್ನಡ ಬಾವುಟಗಳಿಗೆ ಭಾರಿ ಬೇಡಿಕೆ ಬಂದಿದೆ. ನವೆಂಬರ್ ತಿಂಗಳು ಪೂರ್ತಿ ಕನ್ನಡ ಬಾವುಟಗಳು ರಾರಾಜಿಸುತ್ತವೆ. ಕನ್ನಡ ಬಾವುಟ ಕೇವಲ ಬಟ್ಟೆ ಮಾತ್ರವಲ್ಲ, ಸ್ವಾಭಿಮಾನದ ಸಂಕೇತ. ಸಣ್ಣ ಗಾತ್ರದ ಬಾವುಟಗಳಿಂದ ಹಿಡಿದು ಬೃಹತ್ ಬಾವುಟಗಳವರೆಗೆ ತಯಾರಾಗುತ್ತಿವೆ. ವ್ಯಾಪಾರಿಗಳು ಮುಂಗಡ ಆರ್ಡರ್‌ಗಳನ್ನು ಪಡೆದಿದ್ದಾರೆ.
ಒಂದು ಬಾವುಟದ ಬೆಲೆ 200 ರೂ.ನಿಂದ 700 ರೂ. ವರೆಗೆ ಇದೆ. ಬೈಕ್, ಕಾರು, ಆಟೋಗಳಿಗೆ ಅಳವಡಿಸುವ ಸಣ್ಣ ಬಾವುಟಗಳಿಗೂ ಬೇಡಿಕೆ ಹೆಚ್ಚಾಗಿದೆ. ಕನ್ನಡ ಸಂಘಟನೆಗಳು, ಆಟೋ ಚಾಲಕರು, ಶಾಲಾ ಕಾಲೇಜುಗಳು ಹೆಚ್ಚಿನ ಪ್ರಮಾಣದಲ್ಲಿ ಬಾವುಟ ಖರೀದಿಸುತ್ತಿವೆ ಎಂದು ವ್ಯಾಪಾರಿಗಳು ತಿಳಿಸಿದರು.
ಕರ್ನಾಟಕ ರಾಜ್ಯೋತ್ಸವ ಹತ್ತಿರವಾಗುತ್ತಿದ್ದಂತೆ ಕನ್ನಡ ಬಾವುಟಗಳಿಗೆ ಭಾರಿ ಬೇಡಿಕೆ ಬಂದಿದೆ. ನವೆಂಬರ್ ತಿಂಗಳು ಪೂರ್ತಿ ಕನ್ನಡ ಬಾವುಟಗಳು ರಾರಾಜಿಸುತ್ತವೆ. ಕನ್ನಡ ಬಾವುಟ ಕೇವಲ ಬಟ್ಟೆ ಮಾತ್ರವಲ್ಲ, ಸ್ವಾಭಿಮಾನದ ಸಂಕೇತ. ಸಣ್ಣ ಗಾತ್ರದ ಬಾವುಟಗಳಿಂದ ಹಿಡಿದು ಬೃಹತ್ ಬಾವುಟಗಳವರೆಗೆ ತಯಾರಾಗುತ್ತಿವೆ. ವ್ಯಾಪಾರಿಗಳು ಮುಂಗಡ ಆರ್ಡರ್‌ಗಳನ್ನು ಪಡೆದಿದ್ದಾರೆ.
ಎಂಎಸ್‌ಎಂಇಕಾಯ್ದೆಯಡಿ ವಿಳಂಬ ಪಾವತಿಗಾಗಿಅರ್ಜಿ ಸಲ್ಲಿಕೆ
ಮಂಡ್ಯ: ಎಂ.ಎಸ್.ಎಂ.ಇ ಅಭಿವೃದ್ಧಿ ಕಾಯ್ದೆ 2006 ರನ್ವಯ ಸೂಕ್ಷ್ಮ ಮತ್ತು ಸಣ್ಣ ಉದ್ಯಮಗಳು ಸರಬರಾಜು ಮಾಡಿದ ಸರಕು ಮತ್ತು ಸೇವೆಗಳ ವಿಳಂಬ ಪಾವತಿ ಕುರಿತು ಆನ್‌ಲೈನ್ ಮೂಲಕ ಅರ್ಜಿ ಸಲ್ಲಿಸಬಹುದು. ವೆಬ್‌ಸೈಟ್
https://samadhaan.msme.gov.in
ನಲ್ಲಿ ಅರ್ಜಿ ಸಲ್ಲಿಸಬಹುದು. ದೂ.ಸಂ: 08232-224098 ಅನ್ನು ಸಂಪರ್ಕಿಸಬಹುದು.
